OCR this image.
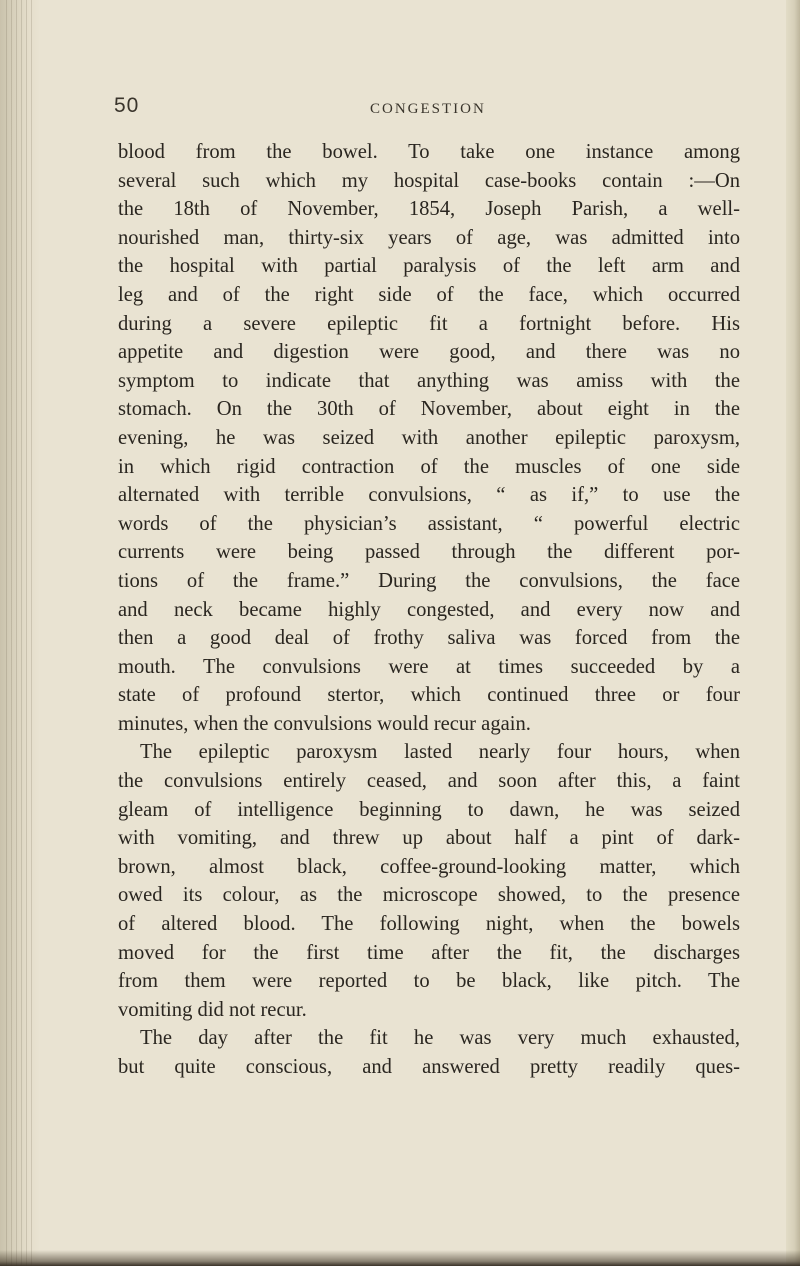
50	CONGESTION
blood from the bowel. To take one instance among
several such which my hospital case-books contain :—On
the 18th of November, 1854, Joseph Parish, a well-
nourished man, thirty-six years of age, was admitted into
the hospital with partial paralysis of the left arm and
leg and of the right side of the face, which occurred
during a severe epileptic fit a fortnight before. His
appetite and digestion were good, and there was no
symptom to indicate that anything was amiss with the
stomach. On the 30th of November, about eight in the
evening, he was seized with another epileptic paroxysm,
in which rigid contraction of the muscles of one side
alternated with terrible convulsions, “ as if,” to use the
words of the physician’s assistant, “ powerful electric
currents were being passed through the different por-
tions of the frame.” During the convulsions, the face
and neck became highly congested, and every now and
then a good deal of frothy saliva was forced from the
mouth. The convulsions were at times succeeded by a
state of profound stertor, which continued three or four
minutes, when the convulsions would recur again.
The epileptic paroxysm lasted nearly four hours, when
the convulsions entirely ceased, and soon after this, a faint
gleam of intelligence beginning to dawn, he was seized
with vomiting, and threw up about half a pint of dark-
brown, almost black, coffee-ground-looking matter, which
owed its colour, as the microscope showed, to the presence
of altered blood. The following night, when the bowels
moved for the first time after the fit, the discharges
from them were reported to be black, like pitch. The
vomiting did not recur.
The day after the fit he was very much exhausted,
but quite conscious, and answered pretty readily ques-
